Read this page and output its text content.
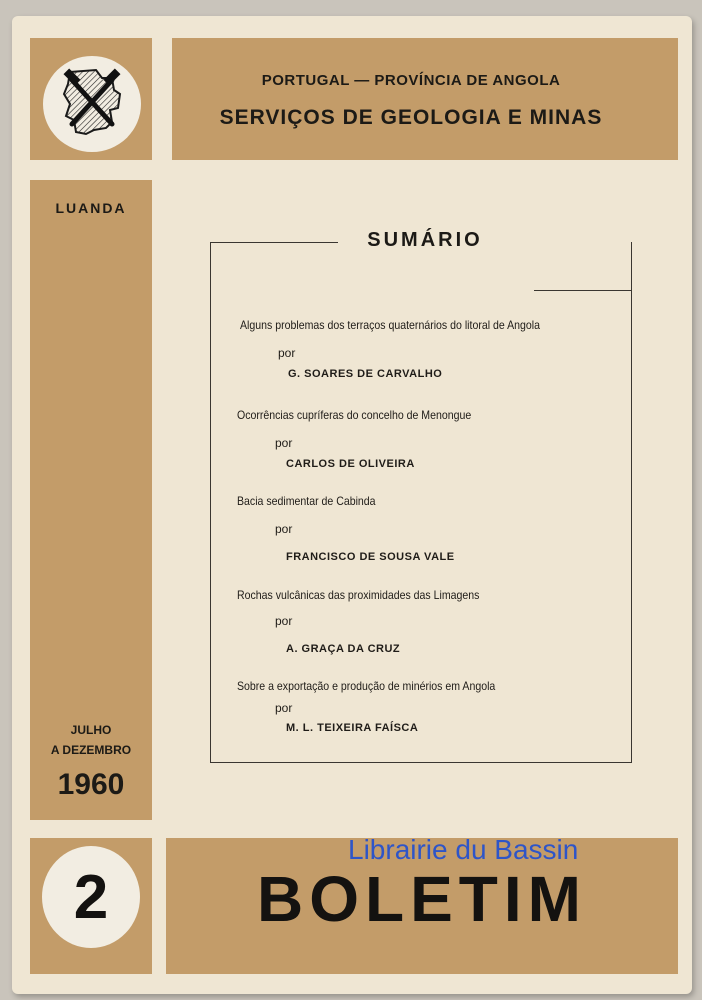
PORTUGAL — PROVÍNCIA DE ANGOLA
SERVIÇOS DE GEOLOGIA E MINAS
LUANDA
JULHO
A DEZEMBRO
1960
SUMÁRIO
Alguns problemas dos terraços quaternários do litoral de Angola
por
G. SOARES DE CARVALHO
Ocorrências cupríferas do concelho de Menongue
por
CARLOS DE OLIVEIRA
Bacia sedimentar de Cabinda
por
FRANCISCO DE SOUSA VALE
Rochas vulcânicas das proximidades das Limagens
por
A. GRAÇA DA CRUZ
Sobre a exportação e produção de minérios em Angola
por
M. L. TEIXEIRA FAÍSCA
2	BOLETIM
Librairie du Bassin
